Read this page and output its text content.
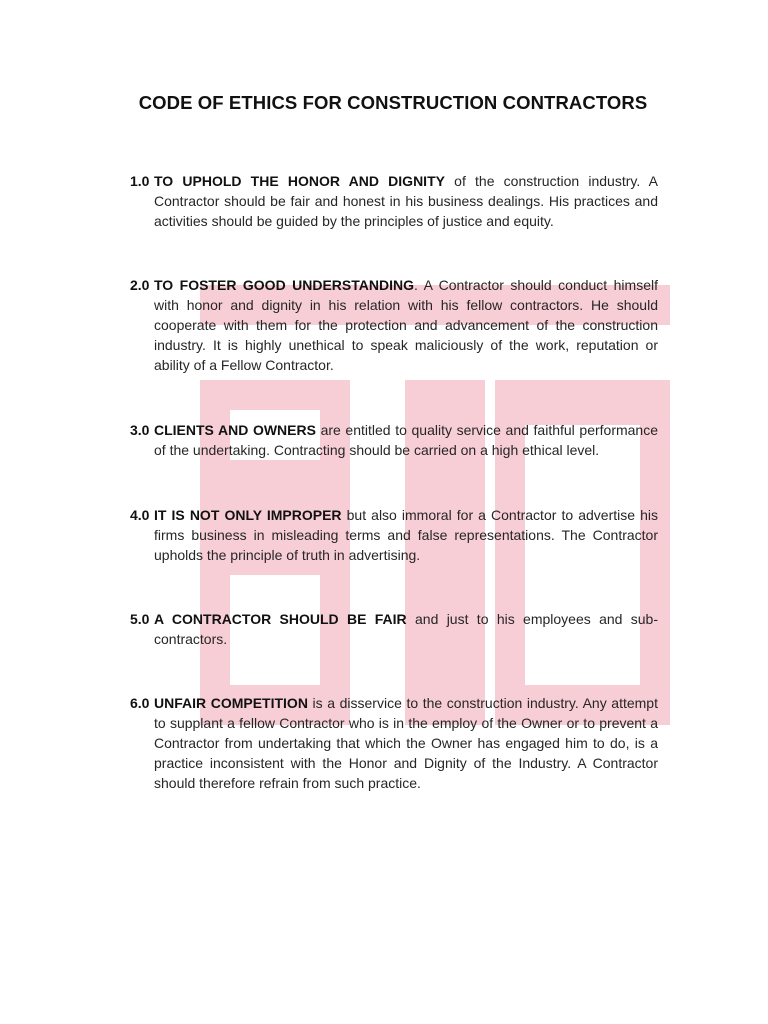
CODE OF ETHICS FOR CONSTRUCTION CONTRACTORS
1.0 TO UPHOLD THE HONOR AND DIGNITY of the construction industry. A Contractor should be fair and honest in his business dealings. His practices and activities should be guided by the principles of justice and equity.
2.0 TO FOSTER GOOD UNDERSTANDING. A Contractor should conduct himself with honor and dignity in his relation with his fellow contractors. He should cooperate with them for the protection and advancement of the construction industry. It is highly unethical to speak maliciously of the work, reputation or ability of a Fellow Contractor.
3.0 CLIENTS AND OWNERS are entitled to quality service and faithful performance of the undertaking. Contracting should be carried on a high ethical level.
4.0 IT IS NOT ONLY IMPROPER but also immoral for a Contractor to advertise his firms business in misleading terms and false representations. The Contractor upholds the principle of truth in advertising.
5.0 A CONTRACTOR SHOULD BE FAIR and just to his employees and sub-contractors.
6.0 UNFAIR COMPETITION is a disservice to the construction industry. Any attempt to supplant a fellow Contractor who is in the employ of the Owner or to prevent a Contractor from undertaking that which the Owner has engaged him to do, is a practice inconsistent with the Honor and Dignity of the Industry. A Contractor should therefore refrain from such practice.
